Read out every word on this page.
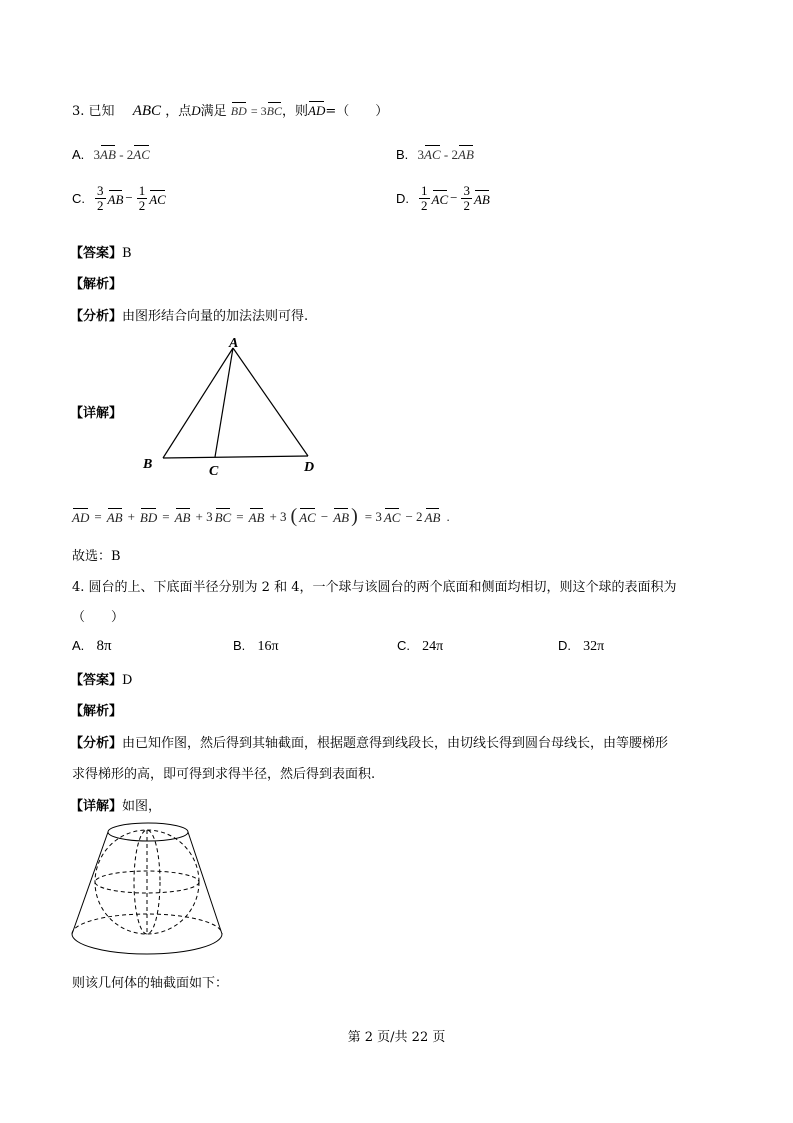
3. 已知 ABC ，点D满足 BD = 3BC，则AD=（　　）
A. 3AB - 2AC	B. 3AC - 2AB
C. $\frac{3}{2}$ AB − $\frac{1}{2}$ AC	D. $\frac{1}{2}$ AC − $\frac{3}{2}$ AB
【答案】B
【解析】
【分析】由图形结合向量的加法法则可得.
【详解】
A
B	C	D
AD = AB + BD = AB + 3 BC = AB + 3 ( AC − AB ) = 3 AC − 2 AB .
故选：B
4. 圆台的上、下底面半径分别为 2 和 4，一个球与该圆台的两个底面和侧面均相切，则这个球的表面积为
（　　）
A. 8π	B. 16π	C. 24π	D. 32π
【答案】D
【解析】
【分析】由已知作图，然后得到其轴截面，根据题意得到线段长，由切线长得到圆台母线长，由等腰梯形
求得梯形的高，即可得到求得半径，然后得到表面积.
【详解】如图，
则该几何体的轴截面如下：
第 2 页/共 22 页
